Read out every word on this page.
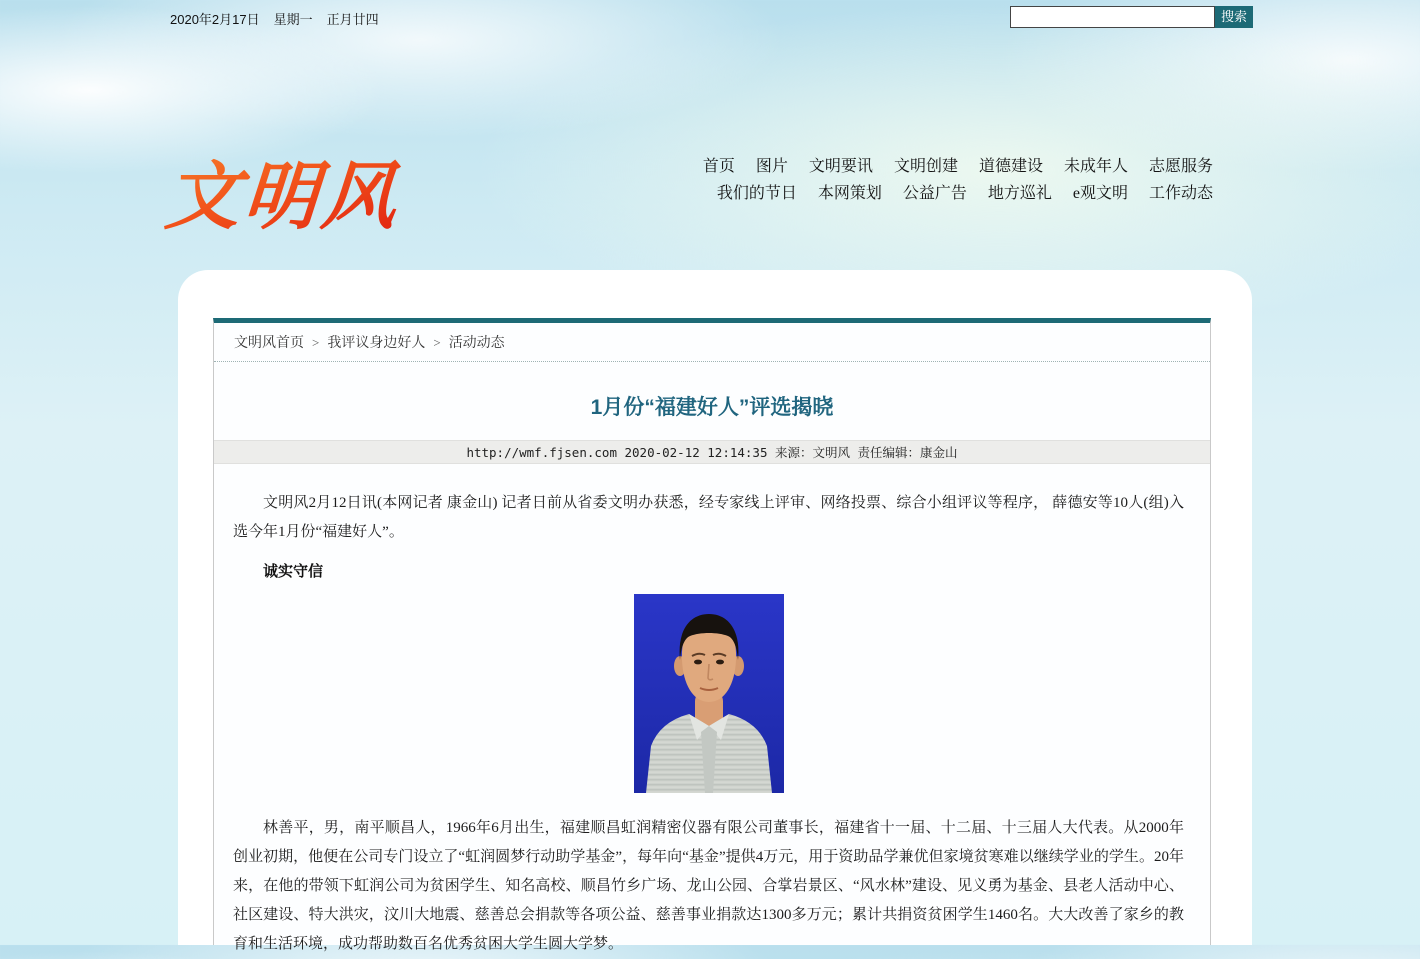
2020年2月17日 星期一 正月廿四	搜索
文明风	首页 图片 文明要讯 文明创建 道德建设 未成年人 志愿服务
我们的节日 本网策划 公益广告 地方巡礼 e观文明 工作动态
文明风首页 > 我评议身边好人 > 活动动态
1月份“福建好人”评选揭晓
http://wmf.fjsen.com 2020-02-12 12:14:35 来源：文明风 责任编辑：康金山

文明风2月12日讯(本网记者 康金山) 记者日前从省委文明办获悉，经专家线上评审、网络投票、综合小组评议等程序， 薛德安等10人(组)入选今年1月份“福建好人”。

诚实守信

林善平，男，南平顺昌人，1966年6月出生，福建顺昌虹润精密仪器有限公司董事长，福建省十一届、十二届、十三届人大代表。从2000年创业初期，他便在公司专门设立了“虹润圆梦行动助学基金”，每年向“基金”提供4万元，用于资助品学兼优但家境贫寒难以继续学业的学生。20年来，在他的带领下虹润公司为贫困学生、知名高校、顺昌竹乡广场、龙山公园、合掌岩景区、“风水林”建设、见义勇为基金、县老人活动中心、社区建设、特大洪灾，汶川大地震、慈善总会捐款等各项公益、慈善事业捐款达1300多万元；累计共捐资贫困学生1460名。大大改善了家乡的教育和生活环境，成功帮助数百名优秀贫困大学生圆大学梦。
